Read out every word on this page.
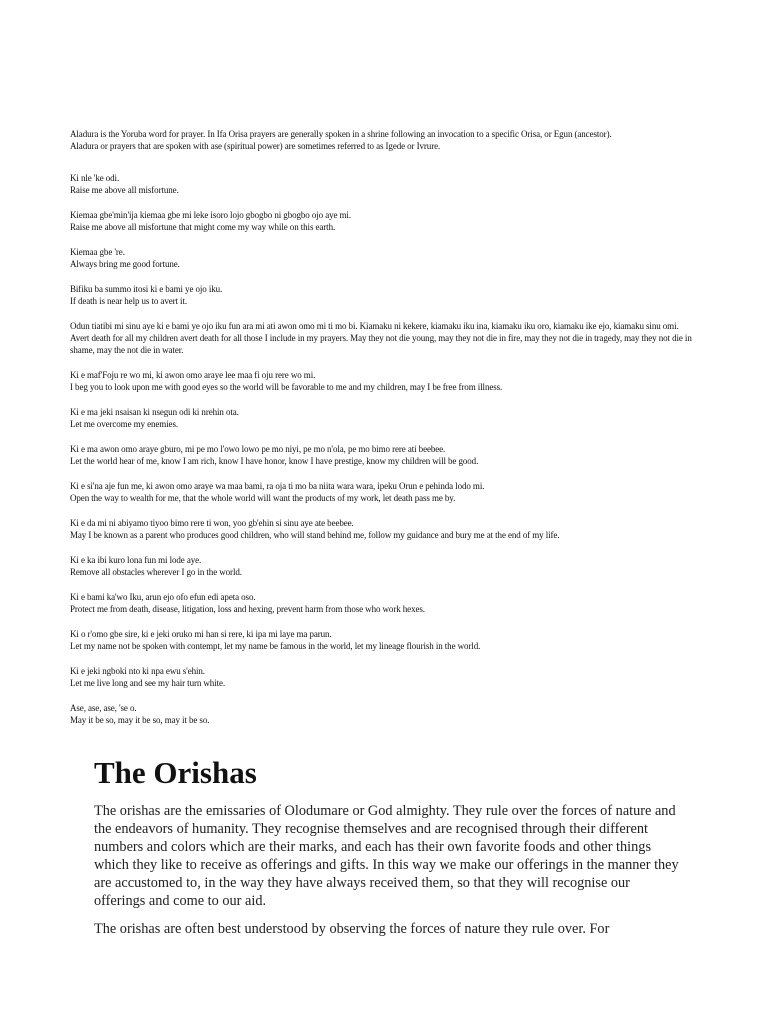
Aladura is the Yoruba word for prayer. In Ifa Orisa prayers are generally spoken in a shrine following an invocation to a specific Orisa, or Egun (ancestor).

Aladura or prayers that are spoken with ase (spiritual power) are sometimes referred to as Igede or Ivrure.

Ki nle 'ke odi.

Raise me above all misfortune.

Kiemaa gbe'min'ija kiemaa gbe mi leke isoro lojo gbogbo ni gbogbo ojo aye mi.

Raise me above all misfortune that might come my way while on this earth.

Kiemaa gbe 're.

Always bring me good fortune.

Bifiku ba summo itosi ki e bami ye ojo iku.

If death is near help us to avert it.

Odun tiatibi mi sinu aye ki e bami ye ojo iku fun ara mi ati awon omo mi ti mo bi. Kiamaku ni kekere, kiamaku iku ina, kiamaku iku oro, kiamaku ike ejo, kiamaku sinu omi.

Avert death for all my children avert death for all those I include in my prayers. May they not die young, may they not die in fire, may they not die in tragedy, may they not die in shame, may the not die in water.

Ki e maf'Foju re wo mi, ki awon omo araye lee maa fi oju rere wo mi.

I beg you to look upon me with good eyes so the world will be favorable to me and my children, may I be free from illness.

Ki e ma jeki nsaisan ki nsegun odi ki nrehin ota.

Let me overcome my enemies.

Ki e ma awon omo araye gburo, mi pe mo l'owo lowo pe mo niyi, pe mo n'ola, pe mo bimo rere ati beebee.

Let the world hear of me, know I am rich, know I have honor, know I have prestige, know my children will be good.

Ki e si'na aje fun me, ki awon omo araye wa maa bami, ra oja ti mo ba niita wara wara, ipeku Orun e pehinda lodo mi.

Open the way to wealth for me, that the whole world will want the products of my work, let death pass me by.

Ki e da mi ni abiyamo tiyoo bimo rere ti won, yoo gb'ehin si sinu aye ate beebee.

May I be known as a parent who produces good children, who will stand behind me, follow my guidance and bury me at the end of my life.

Ki e ka ibi kuro lona fun mi lode aye.

Remove all obstacles wherever I go in the world.

Ki e bami ka'wo Iku, arun ejo ofo efun edi apeta oso.

Protect me from death, disease, litigation, loss and hexing, prevent harm from those who work hexes.

Ki o r'omo gbe sire, ki e jeki oruko mi han si rere, ki ipa mi laye ma parun.

Let my name not be spoken with contempt, let my name be famous in the world, let my lineage flourish in the world.

Ki e jeki ngboki nto ki npa ewu s'ehin.

Let me live long and see my hair turn white.

Ase, ase, ase, 'se o.

May it be so, may it be so, may it be so.

The Orishas

The orishas are the emissaries of Olodumare or God almighty. They rule over the forces of nature and the endeavors of humanity. They recognise themselves and are recognised through their different numbers and colors which are their marks, and each has their own favorite foods and other things which they like to receive as offerings and gifts. In this way we make our offerings in the manner they are accustomed to, in the way they have always received them, so that they will recognise our offerings and come to our aid.

The orishas are often best understood by observing the forces of nature they rule over. For
